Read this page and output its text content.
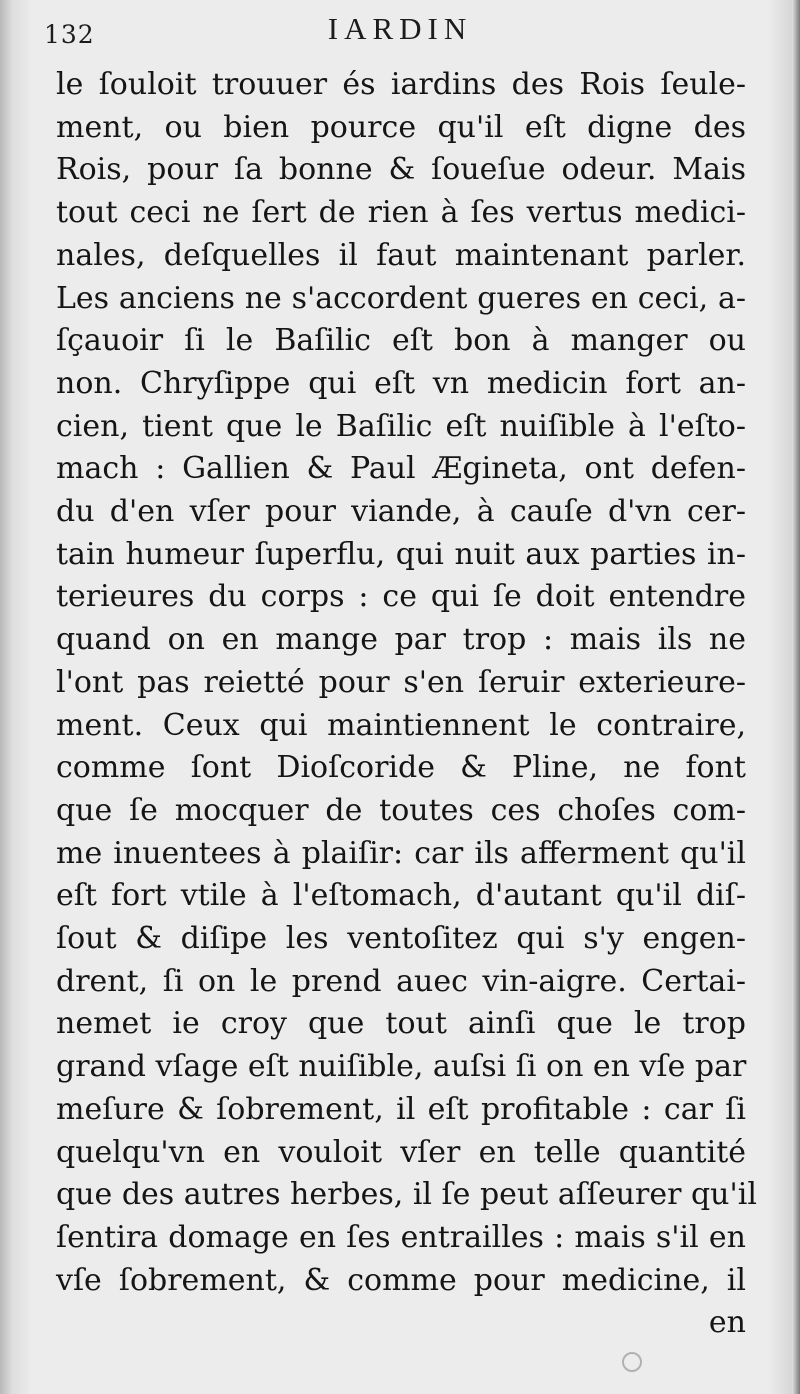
132	IARDIN
le ſouloit trouuer és iardins des Rois ſeule-
ment, ou bien pource qu'il eſt digne des
Rois, pour ſa bonne & ſoueſue odeur. Mais
tout ceci ne ſert de rien à ſes vertus medici-
nales, deſquelles il faut maintenant parler.
Les anciens ne s'accordent gueres en ceci, a-
ſçauoir ſi le Baſilic eſt bon à manger ou
non. Chryſippe qui eſt vn medicin fort an-
cien, tient que le Baſilic eſt nuiſible à l'eſto-
mach : Gallien & Paul Ægineta, ont defen-
du d'en vſer pour viande, à cauſe d'vn cer-
tain humeur ſuperflu, qui nuit aux parties in-
terieures du corps : ce qui ſe doit entendre
quand on en mange par trop : mais ils ne
l'ont pas reietté pour s'en ſeruir exterieure-
ment. Ceux qui maintiennent le contraire,
comme ſont Dioſcoride & Pline, ne font
que ſe mocquer de toutes ces choſes com-
me inuentees à plaiſir: car ils afferment qu'il
eſt fort vtile à l'eſtomach, d'autant qu'il diſ-
ſout & diſipe les ventoſitez qui s'y engen-
drent, ſi on le prend auec vin-aigre. Certai-
nemet ie croy que tout ainſi que le trop
grand vſage eſt nuiſible, auſsi ſi on en vſe par
meſure & ſobrement, il eſt profitable : car ſi
quelqu'vn en vouloit vſer en telle quantité
que des autres herbes, il ſe peut aſſeurer qu'il
ſentira domage en ſes entrailles : mais s'il en
vſe ſobrement, & comme pour medicine, il
en
